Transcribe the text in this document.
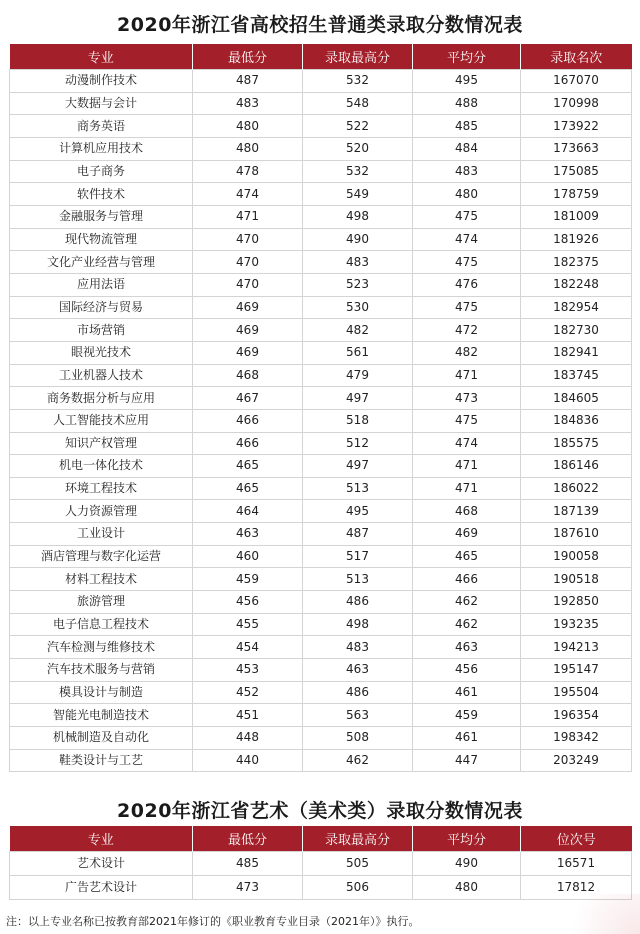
2020年浙江省高校招生普通类录取分数情况表
专业	最低分	录取最高分	平均分	录取名次
动漫制作技术	487	532	495	167070
大数据与会计	483	548	488	170998
商务英语	480	522	485	173922
计算机应用技术	480	520	484	173663
电子商务	478	532	483	175085
软件技术	474	549	480	178759
金融服务与管理	471	498	475	181009
现代物流管理	470	490	474	181926
文化产业经营与管理	470	483	475	182375
应用法语	470	523	476	182248
国际经济与贸易	469	530	475	182954
市场营销	469	482	472	182730
眼视光技术	469	561	482	182941
工业机器人技术	468	479	471	183745
商务数据分析与应用	467	497	473	184605
人工智能技术应用	466	518	475	184836
知识产权管理	466	512	474	185575
机电一体化技术	465	497	471	186146
环境工程技术	465	513	471	186022
人力资源管理	464	495	468	187139
工业设计	463	487	469	187610
酒店管理与数字化运营	460	517	465	190058
材料工程技术	459	513	466	190518
旅游管理	456	486	462	192850
电子信息工程技术	455	498	462	193235
汽车检测与维修技术	454	483	463	194213
汽车技术服务与营销	453	463	456	195147
模具设计与制造	452	486	461	195504
智能光电制造技术	451	563	459	196354
机械制造及自动化	448	508	461	198342
鞋类设计与工艺	440	462	447	203249
2020年浙江省艺术（美术类）录取分数情况表
专业	最低分	录取最高分	平均分	位次号
艺术设计	485	505	490	16571
广告艺术设计	473	506	480	17812
注：以上专业名称已按教育部2021年修订的《职业教育专业目录（2021年）》执行。
